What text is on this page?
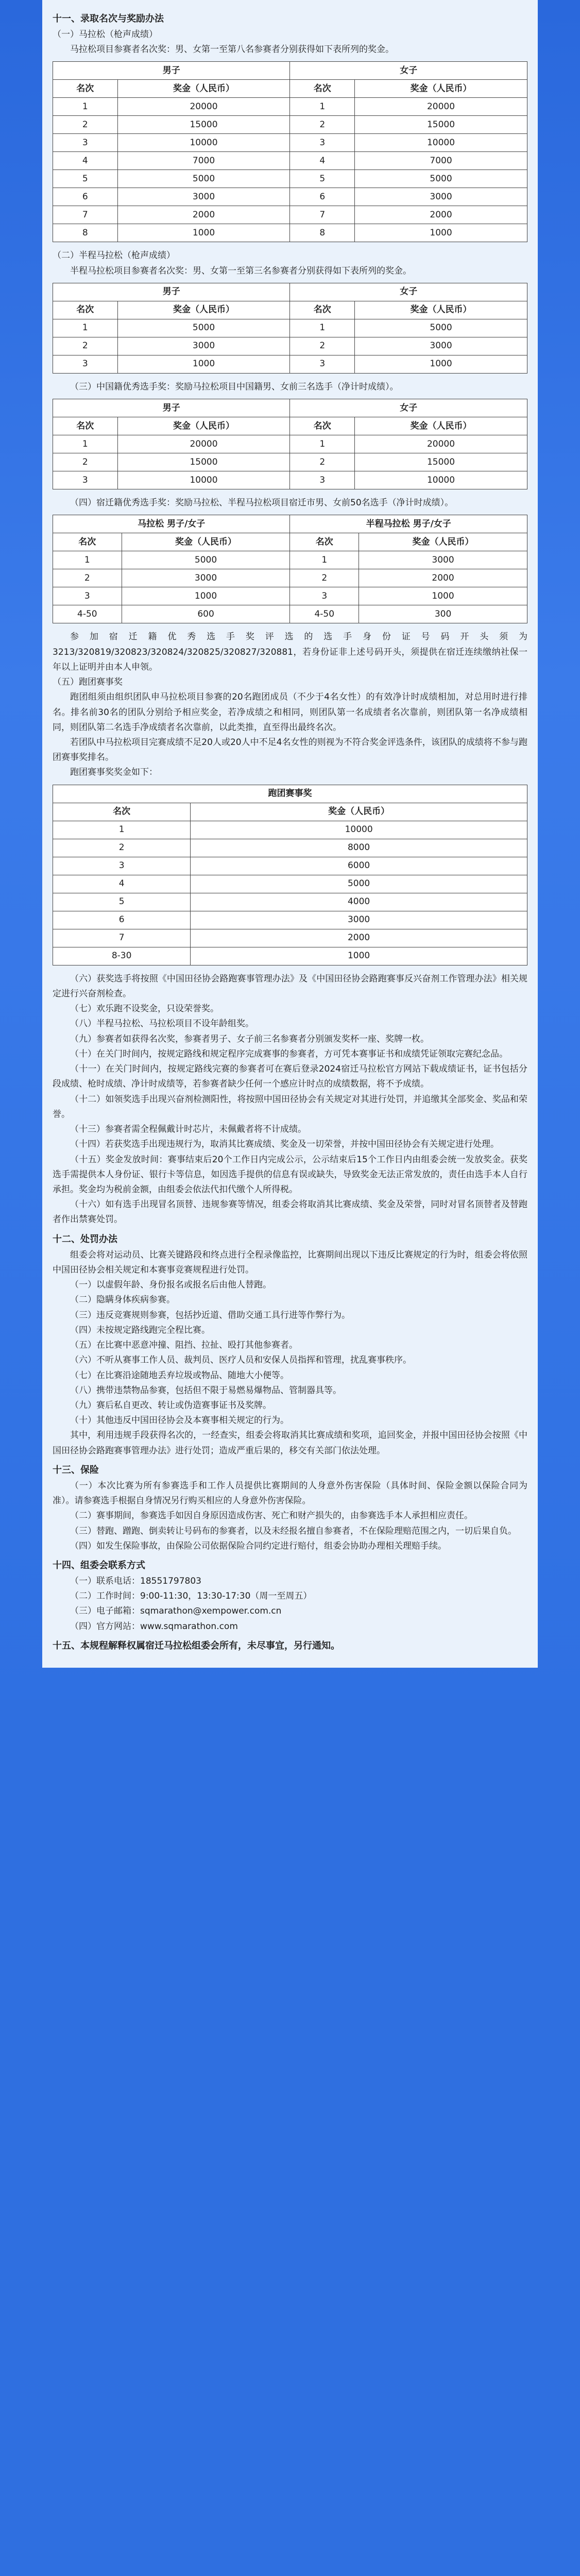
十一、录取名次与奖励办法
（一）马拉松（枪声成绩）

马拉松项目参赛者名次奖：男、女第一至第八名参赛者分别获得如下表所列的奖金。

男子		女子	
名次	奖金（人民币）	名次	奖金（人民币）
1	20000	1	20000
2	15000	2	15000
3	10000	3	10000
4	7000	4	7000
5	5000	5	5000
6	3000	6	3000
7	2000	7	2000
8	1000	8	1000
（二）半程马拉松（枪声成绩）

半程马拉松项目参赛者名次奖：男、女第一至第三名参赛者分别获得如下表所列的奖金。

男子		女子	
名次	奖金（人民币）	名次	奖金（人民币）
1	5000	1	5000
2	3000	2	3000
3	1000	3	1000

（三）中国籍优秀选手奖：奖励马拉松项目中国籍男、女前三名选手（净计时成绩）。

男子		女子	
名次	奖金（人民币）	名次	奖金（人民币）
1	20000	1	20000
2	15000	2	15000
3	10000	3	10000

（四）宿迁籍优秀选手奖：奖励马拉松、半程马拉松项目宿迁市男、女前50名选手（净计时成绩）。

马拉松 男子/女子		半程马拉松 男子/女子	
名次	奖金（人民币）	名次	奖金（人民币）
1	5000	1	3000
2	3000	2	2000
3	1000	3	1000
4-50	600	4-50	300

参加宿迁籍优秀选手奖评选的选手身份证号码开头须为3213/320819/320823/320824/320825/320827/320881，若身份证非上述号码开头，须提供在宿迁连续缴纳社保一年以上证明并由本人申领。

（五）跑团赛事奖

跑团组须由组织团队申马拉松项目参赛的20名跑团成员（不少于4名女性）的有效净计时成绩相加，对总用时进行排名。排名前30名的团队分别给予相应奖金，若净成绩之和相同，则团队第一名成绩者名次靠前，则团队第一名净成绩相同，则团队第二名选手净成绩者名次靠前，以此类推，直至得出最终名次。

若团队中马拉松项目完赛成绩不足20人或20人中不足4名女性的则视为不符合奖金评选条件，该团队的成绩将不参与跑团赛事奖排名。

跑团赛事奖奖金如下：

跑团赛事奖	
名次	奖金（人民币）
1	10000
2	8000
3	6000
4	5000
5	4000
6	3000
7	2000
8-30	1000

（六）获奖选手将按照《中国田径协会路跑赛事管理办法》及《中国田径协会路跑赛事反兴奋剂工作管理办法》相关规定进行兴奋剂检查。

（七）欢乐跑不设奖金，只设荣誉奖。

（八）半程马拉松、马拉松项目不设年龄组奖。

（九）参赛者如获得名次奖，参赛者男子、女子前三名参赛者分别颁发奖杯一座、奖牌一枚。

（十）在关门时间内，按规定路线和规定程序完成赛事的参赛者，方可凭本赛事证书和成绩凭证领取完赛纪念品。

（十一）在关门时间内，按规定路线完赛的参赛者可在赛后登录2024宿迁马拉松官方网站下载成绩证书，证书包括分段成绩、枪时成绩、净计时成绩等，若参赛者缺少任何一个感应计时点的成绩数据，将不予成绩。

（十二）如领奖选手出现兴奋剂检测阳性，将按照中国田径协会有关规定对其进行处罚，并追缴其全部奖金、奖品和荣誉。

（十三）参赛者需全程佩戴计时芯片，未佩戴者将不计成绩。

（十四）若获奖选手出现违规行为，取消其比赛成绩、奖金及一切荣誉，并按中国田径协会有关规定进行处理。

（十五）奖金发放时间：赛事结束后20个工作日内完成公示，公示结束后15个工作日内由组委会统一发放奖金。获奖选手需提供本人身份证、银行卡等信息，如因选手提供的信息有误或缺失，导致奖金无法正常发放的，责任由选手本人自行承担。奖金均为税前金额，由组委会依法代扣代缴个人所得税。

（十六）如有选手出现冒名顶替、违规参赛等情况，组委会将取消其比赛成绩、奖金及荣誉，同时对冒名顶替者及替跑者作出禁赛处罚。

十二、处罚办法

组委会将对运动员、比赛关键路段和终点进行全程录像监控，比赛期间出现以下违反比赛规定的行为时，组委会将依照中国田径协会相关规定和本赛事竞赛规程进行处罚。

（一）以虚假年龄、身份报名或报名后由他人替跑。

（二）隐瞒身体疾病参赛。

（三）违反竞赛规则参赛，包括抄近道、借助交通工具行进等作弊行为。

（四）未按规定路线跑完全程比赛。

（五）在比赛中恶意冲撞、阻挡、拉扯、殴打其他参赛者。

（六）不听从赛事工作人员、裁判员、医疗人员和安保人员指挥和管理，扰乱赛事秩序。

（七）在比赛沿途随地丢弃垃圾或物品、随地大小便等。

（八）携带违禁物品参赛，包括但不限于易燃易爆物品、管制器具等。

（九）赛后私自更改、转让或伪造赛事证书及奖牌。

（十）其他违反中国田径协会及本赛事相关规定的行为。

其中，利用违规手段获得名次的，一经查实，组委会将取消其比赛成绩和奖项，追回奖金，并报中国田径协会按照《中国田径协会路跑赛事管理办法》进行处罚；造成严重后果的，移交有关部门依法处理。

十三、保险

（一）本次比赛为所有参赛选手和工作人员提供比赛期间的人身意外伤害保险（具体时间、保险金额以保险合同为准）。请参赛选手根据自身情况另行购买相应的人身意外伤害保险。

（二）赛事期间，参赛选手如因自身原因造成伤害、死亡和财产损失的，由参赛选手本人承担相应责任。

（三）替跑、蹭跑、倒卖转让号码布的参赛者，以及未经报名擅自参赛者，不在保险理赔范围之内，一切后果自负。

（四）如发生保险事故，由保险公司依据保险合同约定进行赔付，组委会协助办理相关理赔手续。

十四、组委会联系方式

（一）联系电话：18551797803

（二）工作时间：9:00-11:30，13:30-17:30（周一至周五）

（三）电子邮箱：sqmarathon@xempower.com.cn

（四）官方网站：www.sqmarathon.com

十五、本规程解释权属宿迁马拉松组委会所有，未尽事宜，另行通知。
